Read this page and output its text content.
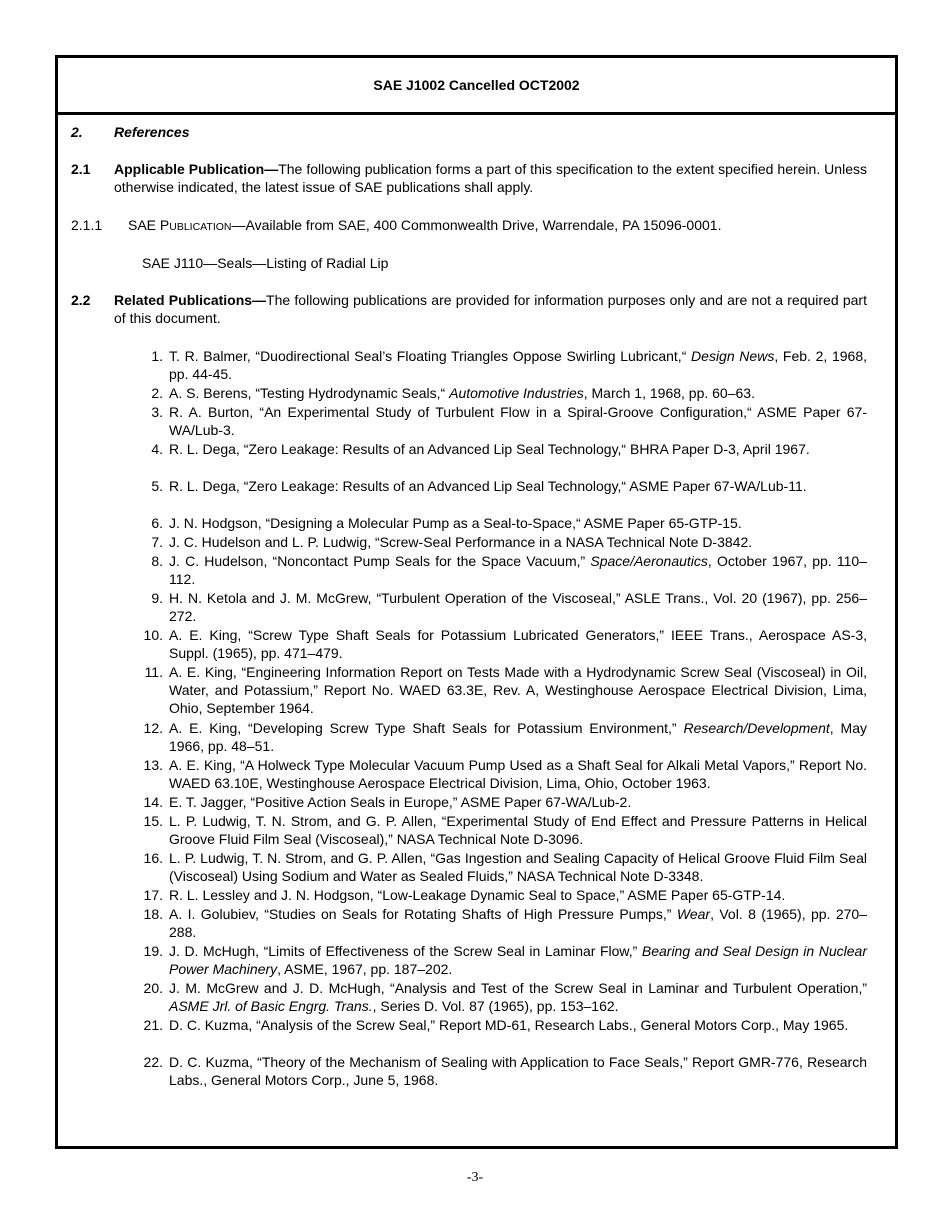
SAE J1002 Cancelled OCT2002
2. References
2.1 Applicable Publication—The following publication forms a part of this specification to the extent specified herein. Unless otherwise indicated, the latest issue of SAE publications shall apply.
2.1.1 SAE PUBLICATION—Available from SAE, 400 Commonwealth Drive, Warrendale, PA 15096-0001.
SAE J110—Seals—Listing of Radial Lip
2.2 Related Publications—The following publications are provided for information purposes only and are not a required part of this document.
1. T. R. Balmer, “Duodirectional Seal’s Floating Triangles Oppose Swirling Lubricant,“ Design News, Feb. 2, 1968, pp. 44-45.
2. A. S. Berens, “Testing Hydrodynamic Seals,“ Automotive Industries, March 1, 1968, pp. 60–63.
3. R. A. Burton, “An Experimental Study of Turbulent Flow in a Spiral-Groove Configuration,“ ASME Paper 67-WA/Lub-3.
4. R. L. Dega, “Zero Leakage: Results of an Advanced Lip Seal Technology,“ BHRA Paper D-3, April 1967.
5. R. L. Dega, “Zero Leakage: Results of an Advanced Lip Seal Technology,“ ASME Paper 67-WA/Lub-11.
6. J. N. Hodgson, “Designing a Molecular Pump as a Seal-to-Space,“ ASME Paper 65-GTP-15.
7. J. C. Hudelson and L. P. Ludwig, “Screw-Seal Performance in a NASA Technical Note D-3842.
8. J. C. Hudelson, “Noncontact Pump Seals for the Space Vacuum,” Space/Aeronautics, October 1967, pp. 110–112.
9. H. N. Ketola and J. M. McGrew, “Turbulent Operation of the Viscoseal,” ASLE Trans., Vol. 20 (1967), pp. 256–272.
10. A. E. King, “Screw Type Shaft Seals for Potassium Lubricated Generators,” IEEE Trans., Aerospace AS-3, Suppl. (1965), pp. 471–479.
11. A. E. King, “Engineering Information Report on Tests Made with a Hydrodynamic Screw Seal (Viscoseal) in Oil, Water, and Potassium,” Report No. WAED 63.3E, Rev. A, Westinghouse Aerospace Electrical Division, Lima, Ohio, September 1964.
12. A. E. King, “Developing Screw Type Shaft Seals for Potassium Environment,” Research/Development, May 1966, pp. 48–51.
13. A. E. King, “A Holweck Type Molecular Vacuum Pump Used as a Shaft Seal for Alkali Metal Vapors,” Report No. WAED 63.10E, Westinghouse Aerospace Electrical Division, Lima, Ohio, October 1963.
14. E. T. Jagger, “Positive Action Seals in Europe,” ASME Paper 67-WA/Lub-2.
15. L. P. Ludwig, T. N. Strom, and G. P. Allen, “Experimental Study of End Effect and Pressure Patterns in Helical Groove Fluid Film Seal (Viscoseal),” NASA Technical Note D-3096.
16. L. P. Ludwig, T. N. Strom, and G. P. Allen, “Gas Ingestion and Sealing Capacity of Helical Groove Fluid Film Seal (Viscoseal) Using Sodium and Water as Sealed Fluids,” NASA Technical Note D-3348.
17. R. L. Lessley and J. N. Hodgson, “Low-Leakage Dynamic Seal to Space,” ASME Paper 65-GTP-14.
18. A. I. Golubiev, “Studies on Seals for Rotating Shafts of High Pressure Pumps,” Wear, Vol. 8 (1965), pp. 270–288.
19. J. D. McHugh, “Limits of Effectiveness of the Screw Seal in Laminar Flow,” Bearing and Seal Design in Nuclear Power Machinery, ASME, 1967, pp. 187–202.
20. J. M. McGrew and J. D. McHugh, “Analysis and Test of the Screw Seal in Laminar and Turbulent Operation,” ASME Jrl. of Basic Engrg. Trans., Series D. Vol. 87 (1965), pp. 153–162.
21. D. C. Kuzma, “Analysis of the Screw Seal,” Report MD-61, Research Labs., General Motors Corp., May 1965.
22. D. C. Kuzma, “Theory of the Mechanism of Sealing with Application to Face Seals,” Report GMR-776, Research Labs., General Motors Corp., June 5, 1968.
-3-
